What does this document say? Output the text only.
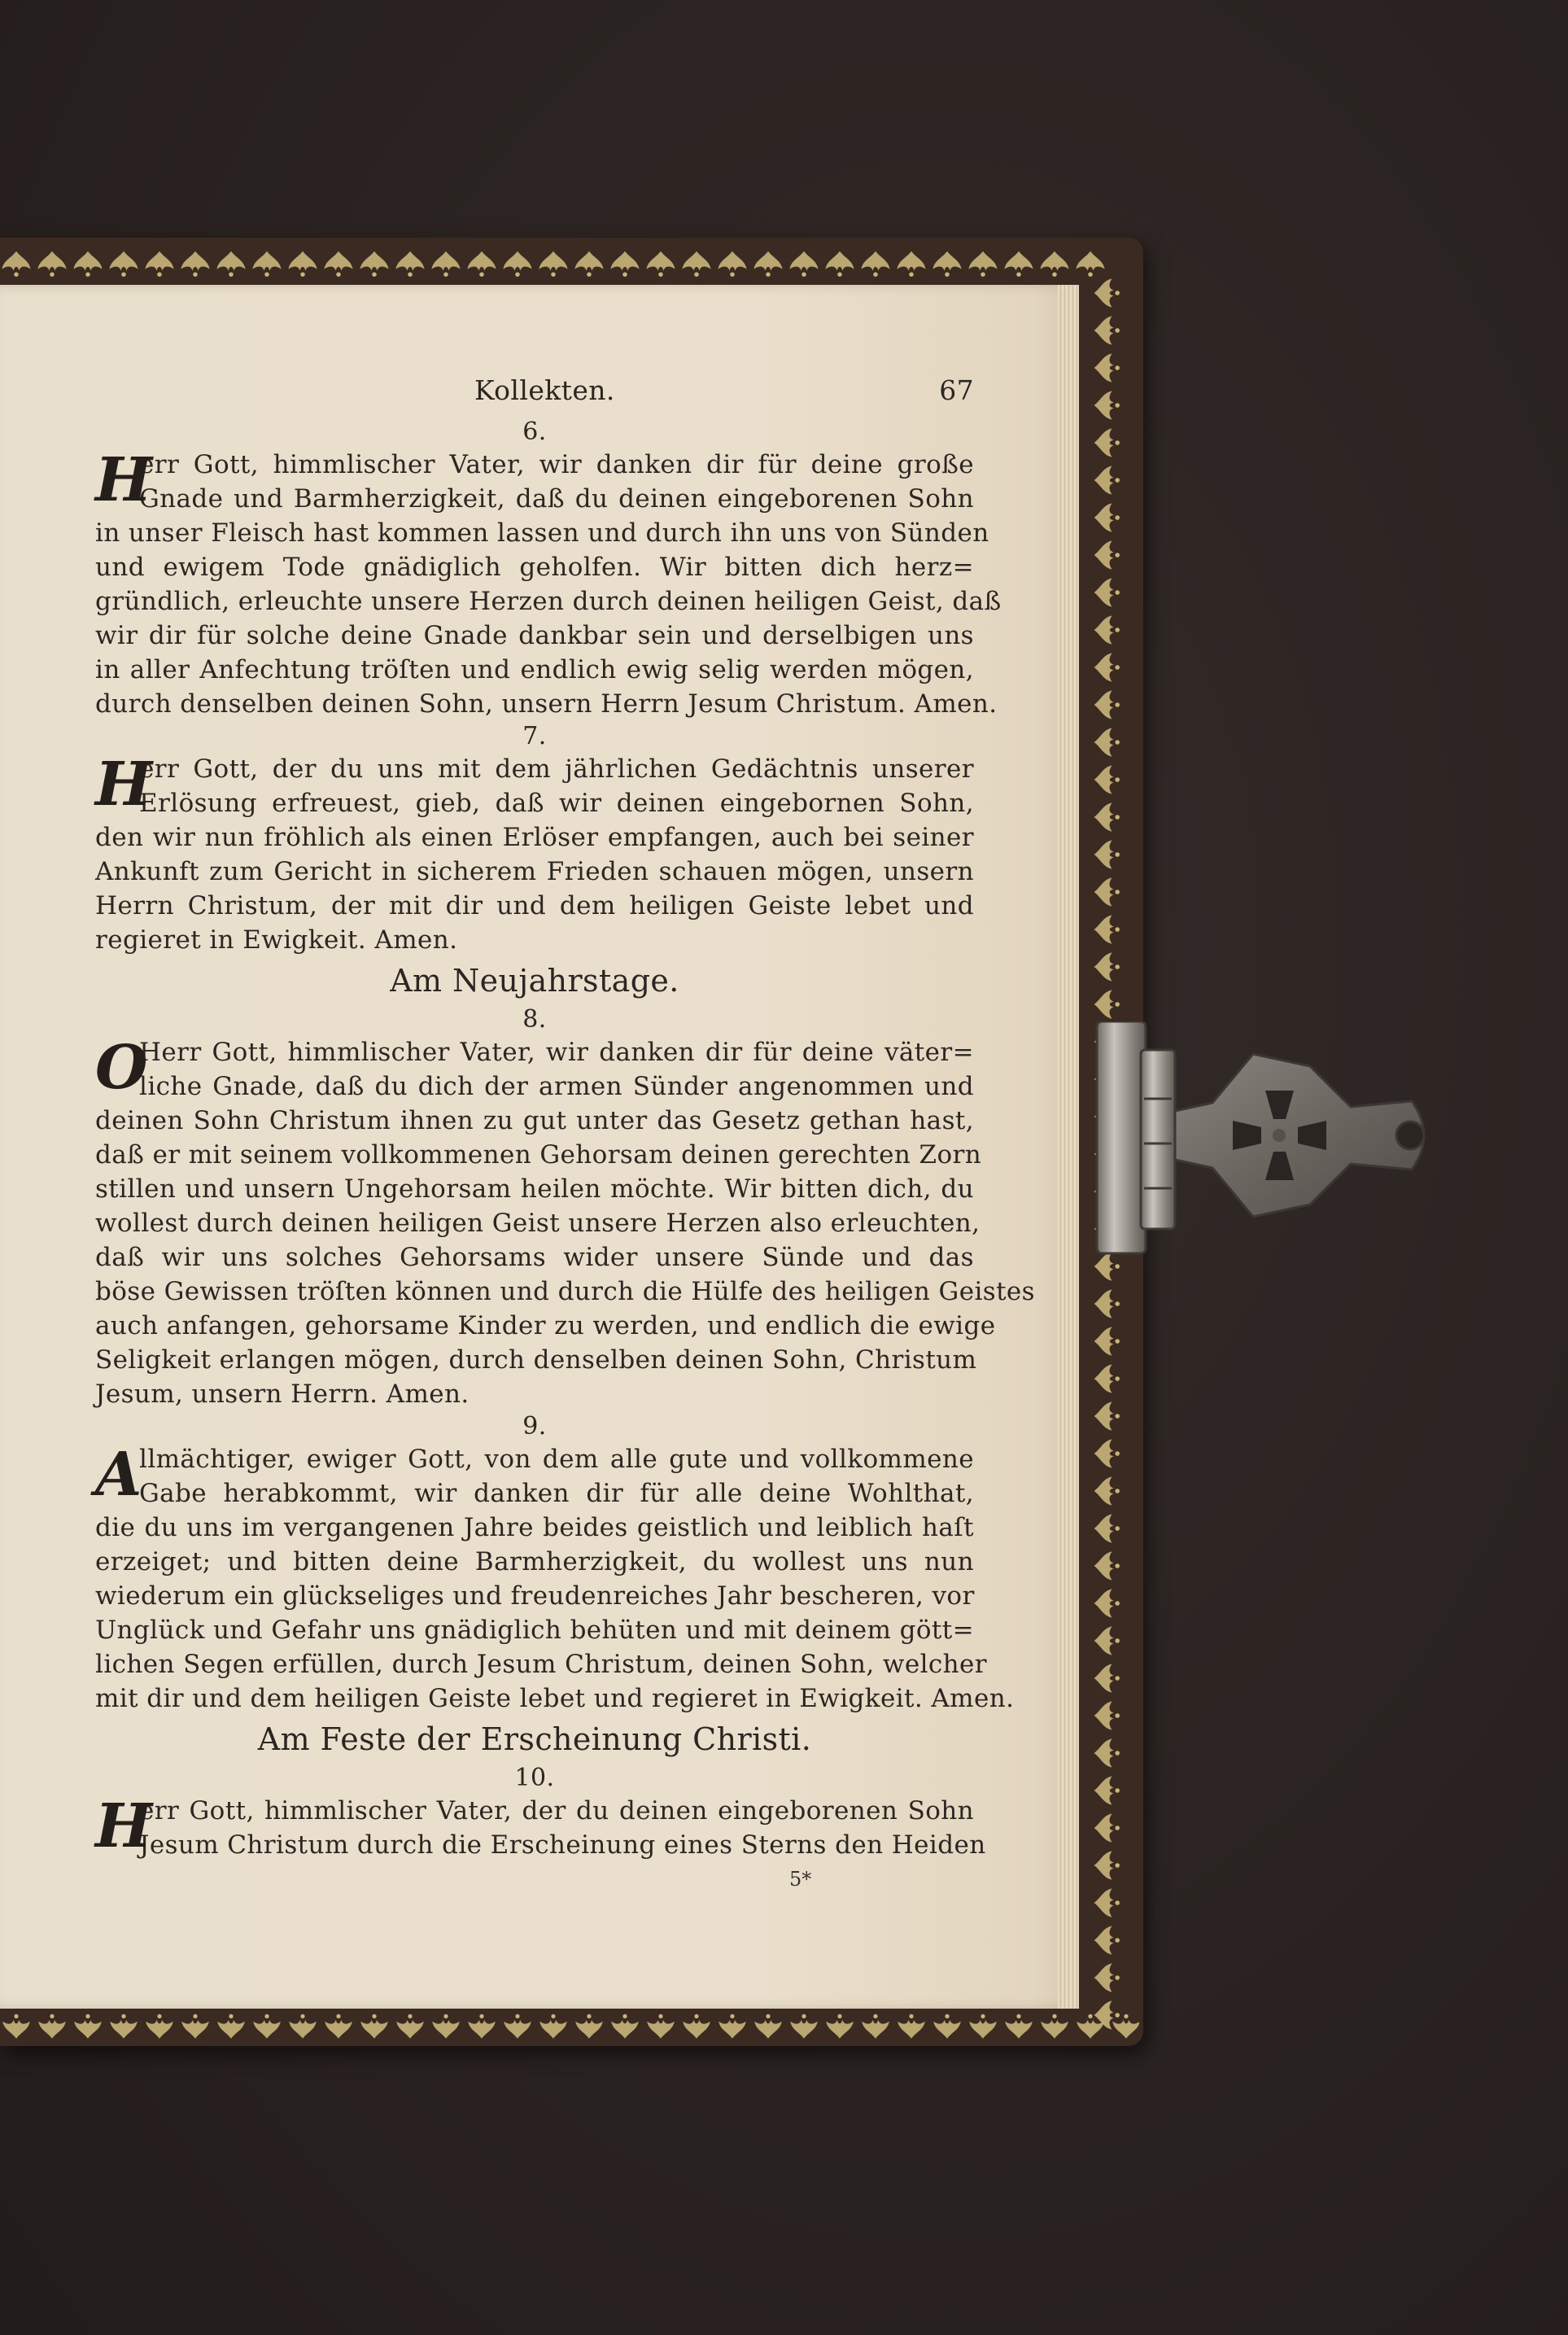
Kollekten.	67
6.
H
err Gott, himmlischer Vater, wir danken dir für deine große
Gnade und Barmherzigkeit, daß du deinen eingeborenen Sohn
in unser Fleisch hast kommen lassen und durch ihn uns von Sünden
und ewigem Tode gnädiglich geholfen. Wir bitten dich herz=
gründlich, erleuchte unsere Herzen durch deinen heiligen Geist, daß
wir dir für solche deine Gnade dankbar sein und derselbigen uns
in aller Anfechtung tröſten und endlich ewig selig werden mögen,
durch denselben deinen Sohn, unsern Herrn Jesum Christum. Amen.
7.
H
err Gott, der du uns mit dem jährlichen Gedächtnis unserer
Erlösung erfreuest, gieb, daß wir deinen eingebornen Sohn,
den wir nun fröhlich als einen Erlöser empfangen, auch bei seiner
Ankunft zum Gericht in sicherem Frieden schauen mögen, unsern
Herrn Christum, der mit dir und dem heiligen Geiste lebet und
regieret in Ewigkeit. Amen.
Am Neujahrstage.
8.
O
Herr Gott, himmlischer Vater, wir danken dir für deine väter=
liche Gnade, daß du dich der armen Sünder angenommen und
deinen Sohn Christum ihnen zu gut unter das Gesetz gethan hast,
daß er mit seinem vollkommenen Gehorsam deinen gerechten Zorn
stillen und unsern Ungehorsam heilen möchte. Wir bitten dich, du
wollest durch deinen heiligen Geist unsere Herzen also erleuchten,
daß wir uns solches Gehorsams wider unsere Sünde und das
böse Gewissen tröſten können und durch die Hülfe des heiligen Geistes
auch anfangen, gehorsame Kinder zu werden, und endlich die ewige
Seligkeit erlangen mögen, durch denselben deinen Sohn, Christum
Jesum, unsern Herrn. Amen.
9.
A
llmächtiger, ewiger Gott, von dem alle gute und vollkommene
Gabe herabkommt, wir danken dir für alle deine Wohlthat,
die du uns im vergangenen Jahre beides geistlich und leiblich haſt
erzeiget; und bitten deine Barmherzigkeit, du wollest uns nun
wiederum ein glückseliges und freudenreiches Jahr bescheren, vor
Unglück und Gefahr uns gnädiglich behüten und mit deinem gött=
lichen Segen erfüllen, durch Jesum Christum, deinen Sohn, welcher
mit dir und dem heiligen Geiste lebet und regieret in Ewigkeit. Amen.
Am Feste der Erscheinung Christi.
10.
H
err Gott, himmlischer Vater, der du deinen eingeborenen Sohn
Jesum Christum durch die Erscheinung eines Sterns den Heiden
5*
